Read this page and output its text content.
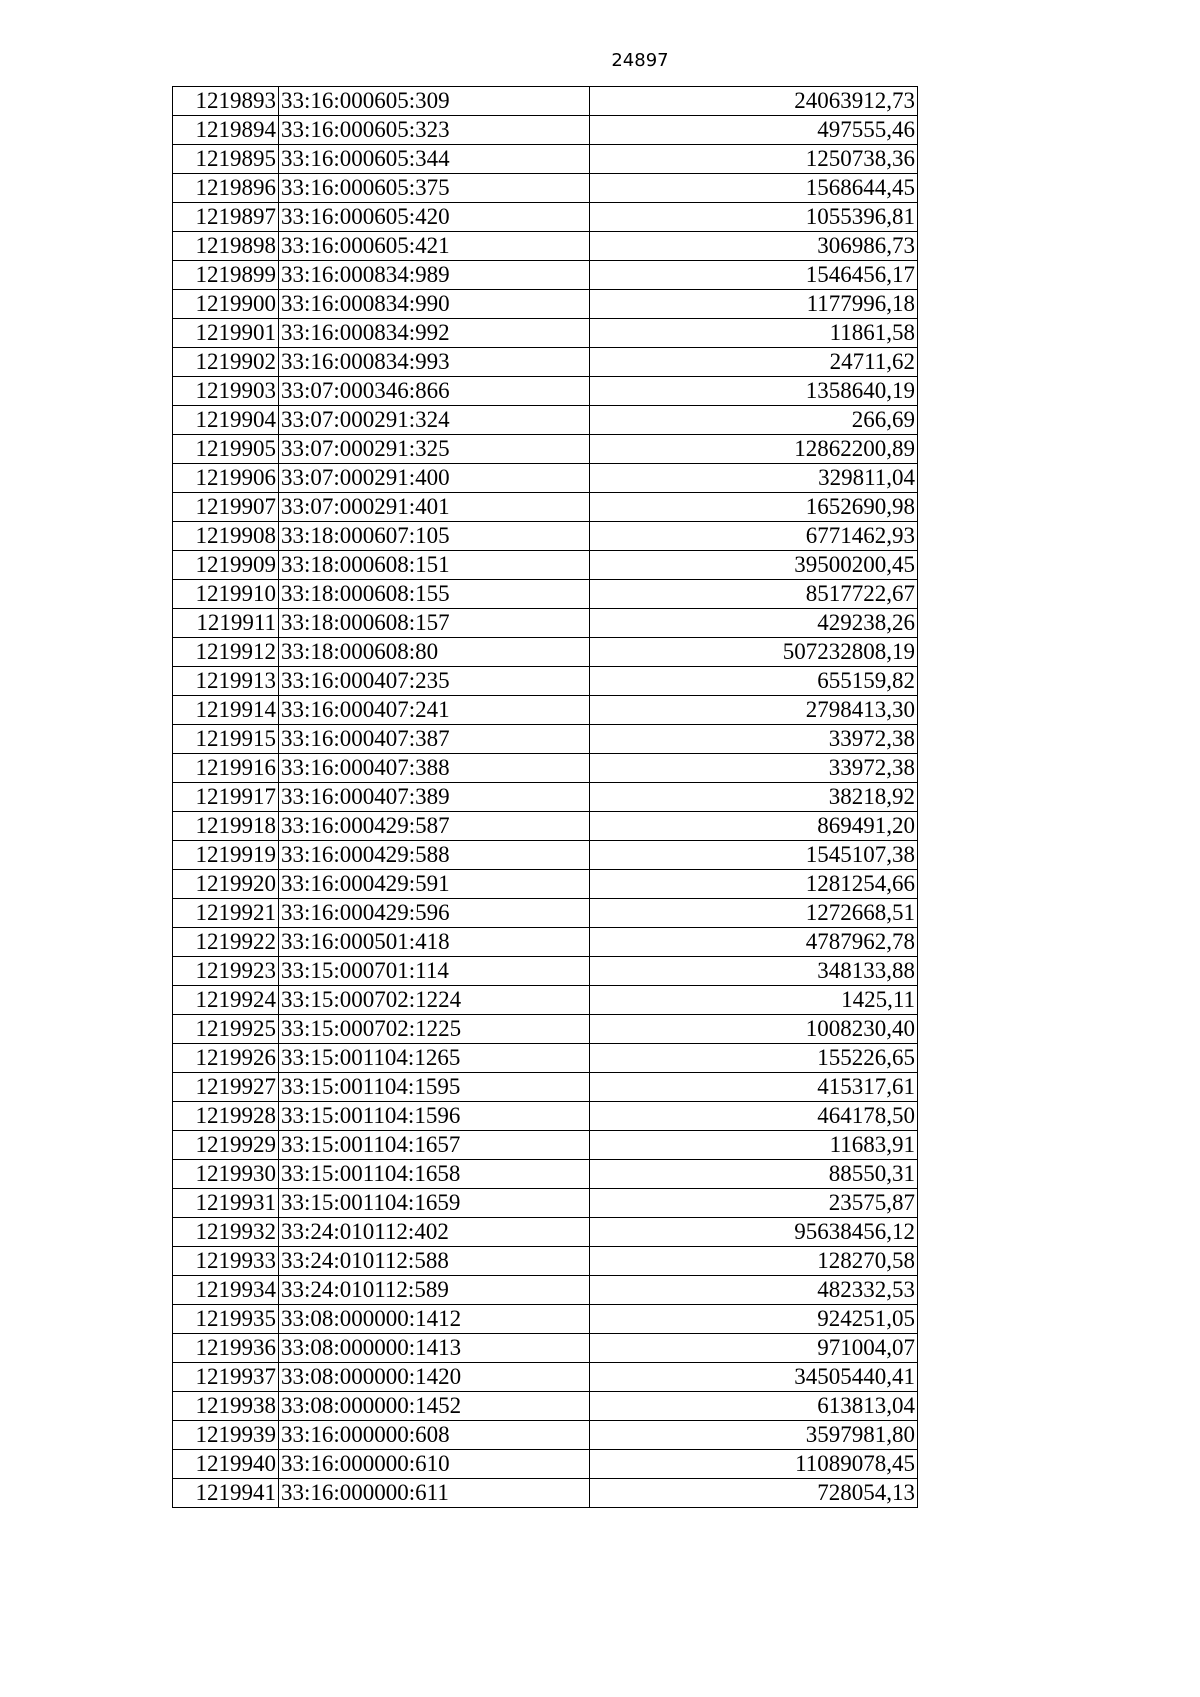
24897
1219893	33:16:000605:309	24063912,73
1219894	33:16:000605:323	497555,46
1219895	33:16:000605:344	1250738,36
1219896	33:16:000605:375	1568644,45
1219897	33:16:000605:420	1055396,81
1219898	33:16:000605:421	306986,73
1219899	33:16:000834:989	1546456,17
1219900	33:16:000834:990	1177996,18
1219901	33:16:000834:992	11861,58
1219902	33:16:000834:993	24711,62
1219903	33:07:000346:866	1358640,19
1219904	33:07:000291:324	266,69
1219905	33:07:000291:325	12862200,89
1219906	33:07:000291:400	329811,04
1219907	33:07:000291:401	1652690,98
1219908	33:18:000607:105	6771462,93
1219909	33:18:000608:151	39500200,45
1219910	33:18:000608:155	8517722,67
1219911	33:18:000608:157	429238,26
1219912	33:18:000608:80	507232808,19
1219913	33:16:000407:235	655159,82
1219914	33:16:000407:241	2798413,30
1219915	33:16:000407:387	33972,38
1219916	33:16:000407:388	33972,38
1219917	33:16:000407:389	38218,92
1219918	33:16:000429:587	869491,20
1219919	33:16:000429:588	1545107,38
1219920	33:16:000429:591	1281254,66
1219921	33:16:000429:596	1272668,51
1219922	33:16:000501:418	4787962,78
1219923	33:15:000701:114	348133,88
1219924	33:15:000702:1224	1425,11
1219925	33:15:000702:1225	1008230,40
1219926	33:15:001104:1265	155226,65
1219927	33:15:001104:1595	415317,61
1219928	33:15:001104:1596	464178,50
1219929	33:15:001104:1657	11683,91
1219930	33:15:001104:1658	88550,31
1219931	33:15:001104:1659	23575,87
1219932	33:24:010112:402	95638456,12
1219933	33:24:010112:588	128270,58
1219934	33:24:010112:589	482332,53
1219935	33:08:000000:1412	924251,05
1219936	33:08:000000:1413	971004,07
1219937	33:08:000000:1420	34505440,41
1219938	33:08:000000:1452	613813,04
1219939	33:16:000000:608	3597981,80
1219940	33:16:000000:610	11089078,45
1219941	33:16:000000:611	728054,13
